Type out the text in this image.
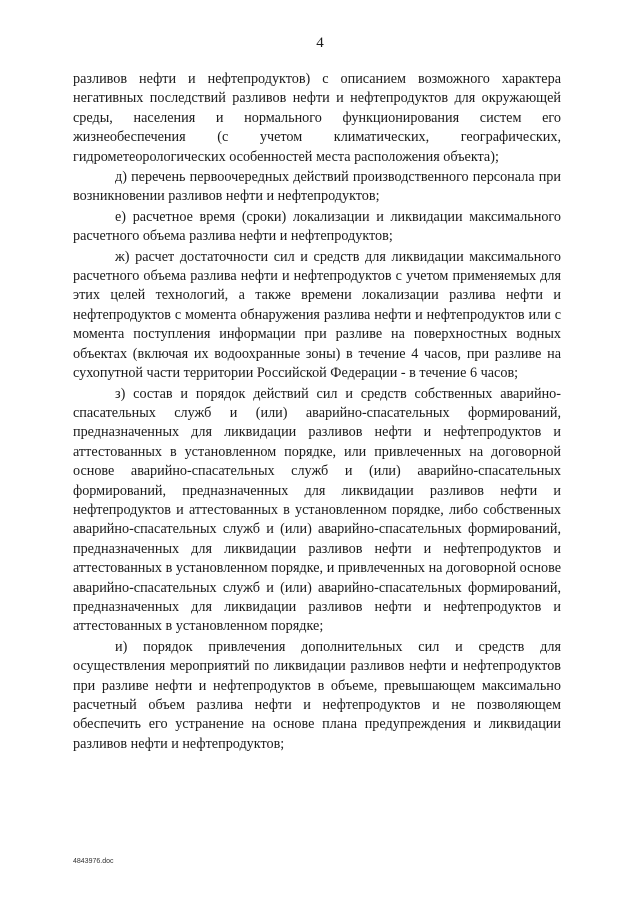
4

разливов нефти и нефтепродуктов) с описанием возможного характера негативных последствий разливов нефти и нефтепродуктов для окружающей среды, населения и нормального функционирования систем его жизнеобеспечения (с учетом климатических, географических, гидрометеорологических особенностей места расположения объекта);

д) перечень первоочередных действий производственного персонала при возникновении разливов нефти и нефтепродуктов;

е) расчетное время (сроки) локализации и ликвидации максимального расчетного объема разлива нефти и нефтепродуктов;

ж) расчет достаточности сил и средств для ликвидации максимального расчетного объема разлива нефти и нефтепродуктов с учетом применяемых для этих целей технологий, а также времени локализации разлива нефти и нефтепродуктов с момента обнаружения разлива нефти и нефтепродуктов или с момента поступления информации при разливе на поверхностных водных объектах (включая их водоохранные зоны) в течение 4 часов, при разливе на сухопутной части территории Российской Федерации - в течение 6 часов;

з) состав и порядок действий сил и средств собственных аварийно-спасательных служб и (или) аварийно-спасательных формирований, предназначенных для ликвидации разливов нефти и нефтепродуктов и аттестованных в установленном порядке, или привлеченных на договорной основе аварийно-спасательных служб и (или) аварийно-спасательных формирований, предназначенных для ликвидации разливов нефти и нефтепродуктов и аттестованных в установленном порядке, либо собственных аварийно-спасательных служб и (или) аварийно-спасательных формирований, предназначенных для ликвидации разливов нефти и нефтепродуктов и аттестованных в установленном порядке, и привлеченных на договорной основе аварийно-спасательных служб и (или) аварийно-спасательных формирований, предназначенных для ликвидации разливов нефти и нефтепродуктов и аттестованных в установленном порядке;

и) порядок привлечения дополнительных сил и средств для осуществления мероприятий по ликвидации разливов нефти и нефтепродуктов при разливе нефти и нефтепродуктов в объеме, превышающем максимально расчетный объем разлива нефти и нефтепродуктов и не позволяющем обеспечить его устранение на основе плана предупреждения и ликвидации разливов нефти и нефтепродуктов;

4843976.doc
